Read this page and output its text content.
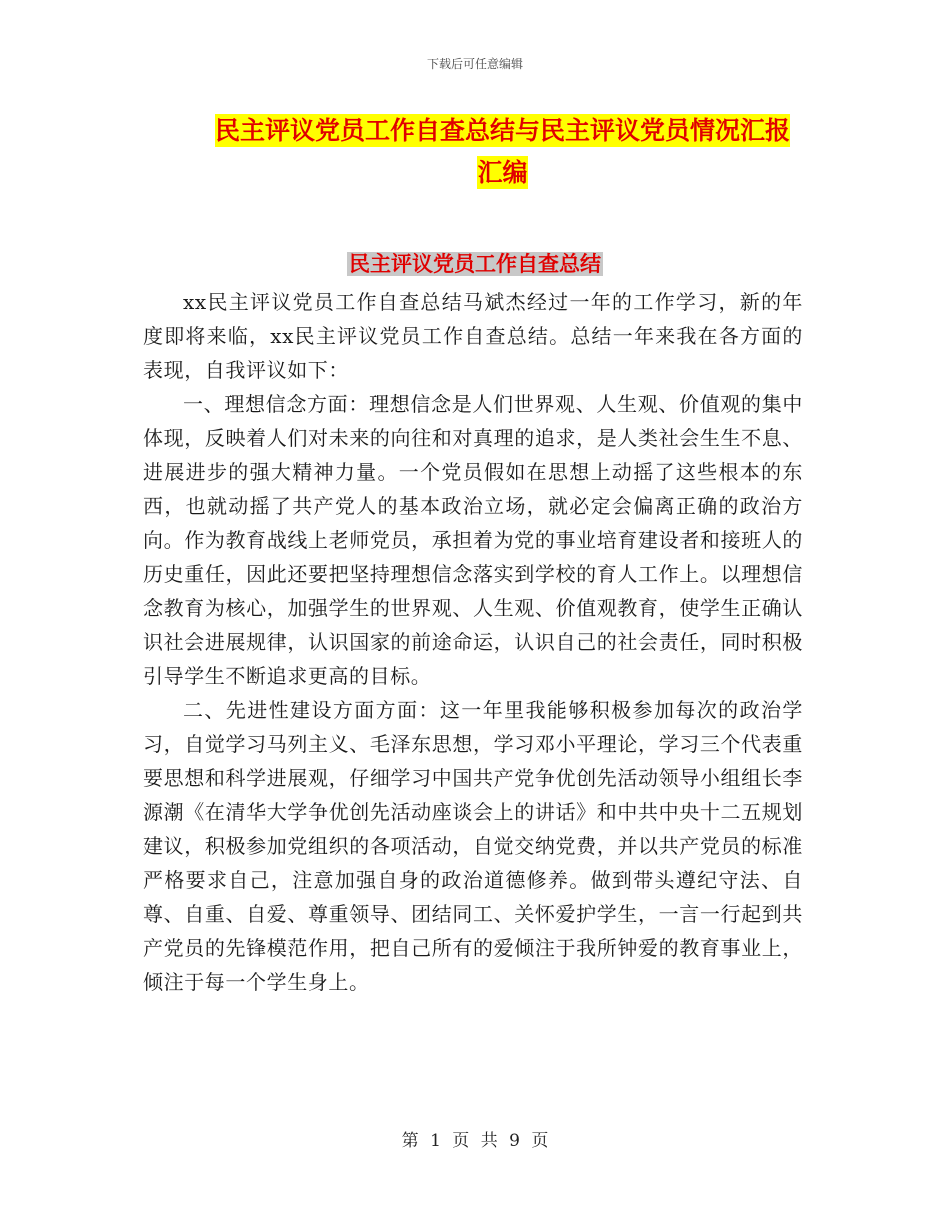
下载后可任意编辑
民主评议党员工作自查总结与民主评议党员情况汇报
汇编
民主评议党员工作自查总结

xx民主评议党员工作自查总结马斌杰经过一年的工作学习，新的年度即将来临，xx民主评议党员工作自查总结。总结一年来我在各方面的表现，自我评议如下：

一、理想信念方面：理想信念是人们世界观、人生观、价值观的集中体现，反映着人们对未来的向往和对真理的追求，是人类社会生生不息、进展进步的强大精神力量。一个党员假如在思想上动摇了这些根本的东西，也就动摇了共产党人的基本政治立场，就必定会偏离正确的政治方向。作为教育战线上老师党员，承担着为党的事业培育建设者和接班人的历史重任，因此还要把坚持理想信念落实到学校的育人工作上。以理想信念教育为核心，加强学生的世界观、人生观、价值观教育，使学生正确认识社会进展规律，认识国家的前途命运，认识自己的社会责任，同时积极引导学生不断追求更高的目标。

二、先进性建设方面方面：这一年里我能够积极参加每次的政治学习，自觉学习马列主义、毛泽东思想，学习邓小平理论，学习三个代表重要思想和科学进展观，仔细学习中国共产党争优创先活动领导小组组长李源潮《在清华大学争优创先活动座谈会上的讲话》和中共中央十二五规划建议，积极参加党组织的各项活动，自觉交纳党费，并以共产党员的标准严格要求自己，注意加强自身的政治道德修养。做到带头遵纪守法、自尊、自重、自爱、尊重领导、团结同工、关怀爱护学生，一言一行起到共产党员的先锋模范作用，把自己所有的爱倾注于我所钟爱的教育事业上，倾注于每一个学生身上。

第 1 页 共 9 页
